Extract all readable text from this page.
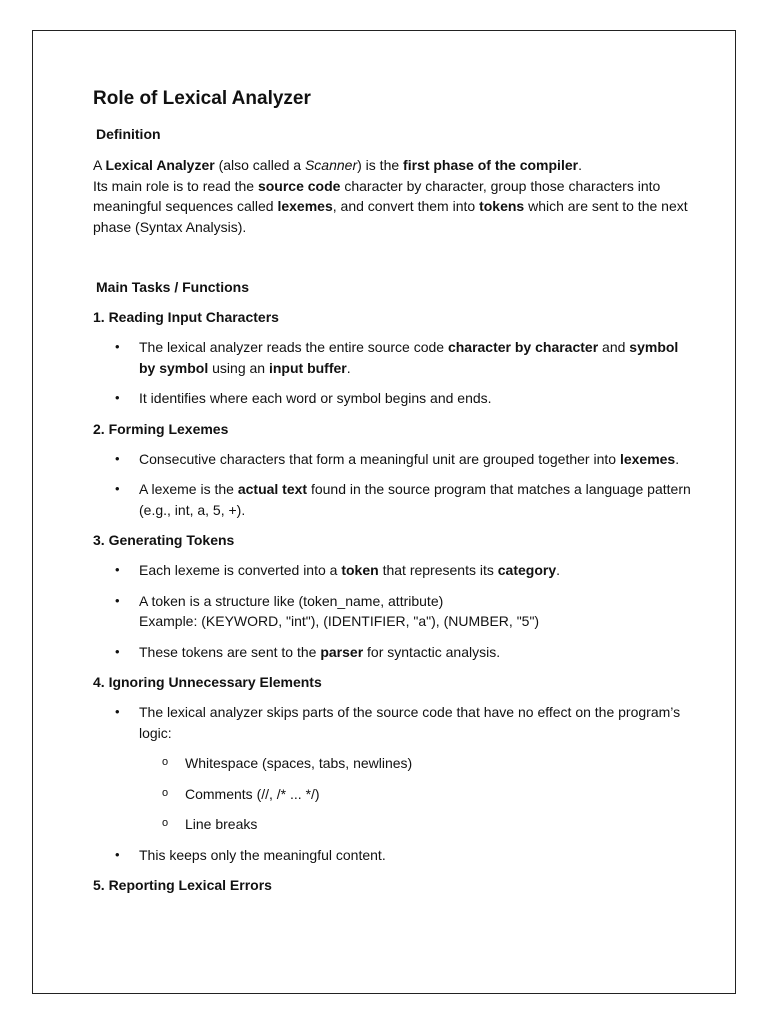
Role of Lexical Analyzer
Definition

A Lexical Analyzer (also called a Scanner) is the first phase of the compiler.
Its main role is to read the source code character by character, group those characters into meaningful sequences called lexemes, and convert them into tokens which are sent to the next phase (Syntax Analysis).

Main Tasks / Functions
1. Reading Input Characters
• The lexical analyzer reads the entire source code character by character and symbol by symbol using an input buffer.
• It identifies where each word or symbol begins and ends.
2. Forming Lexemes
• Consecutive characters that form a meaningful unit are grouped together into lexemes.
• A lexeme is the actual text found in the source program that matches a language pattern (e.g., int, a, 5, +).
3. Generating Tokens
• Each lexeme is converted into a token that represents its category.
• A token is a structure like (token_name, attribute)
Example: (KEYWORD, "int"), (IDENTIFIER, "a"), (NUMBER, "5")
• These tokens are sent to the parser for syntactic analysis.
4. Ignoring Unnecessary Elements
• The lexical analyzer skips parts of the source code that have no effect on the program’s logic:
o Whitespace (spaces, tabs, newlines)
o Comments (//, /* ... */)
o Line breaks
• This keeps only the meaningful content.
5. Reporting Lexical Errors
